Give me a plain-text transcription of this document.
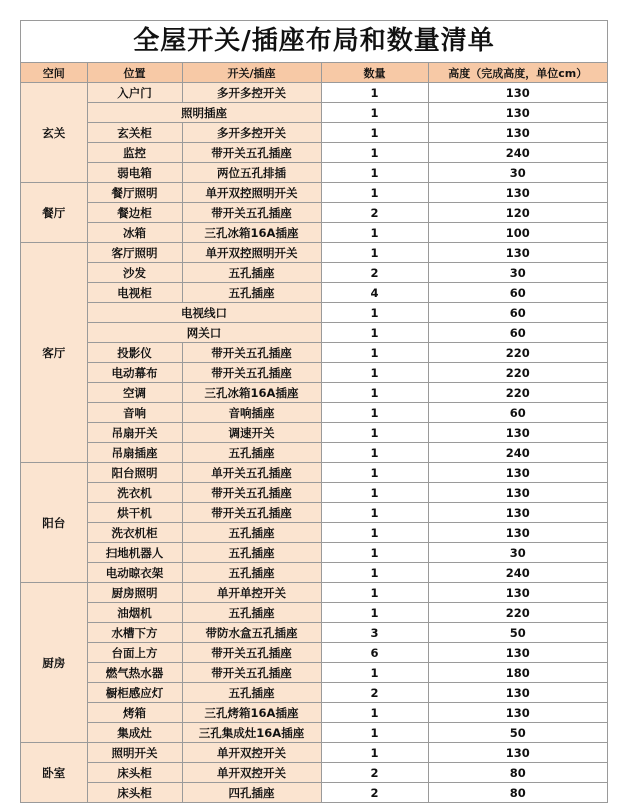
全屋开关/插座布局和数量清单
空间	位置	开关/插座	数量	高度（完成高度，单位cm）
玄关	入户门	多开多控开关	1	130
	照明插座		1	130
	玄关柜	多开多控开关	1	130
	监控	带开关五孔插座	1	240
	弱电箱	两位五孔排插	1	30
餐厅	餐厅照明	单开双控照明开关	1	130
	餐边柜	带开关五孔插座	2	120
	冰箱	三孔冰箱16A插座	1	100
客厅	客厅照明	单开双控照明开关	1	130
	沙发	五孔插座	2	30
	电视柜	五孔插座	4	60
	电视线口		1	60
	网关口		1	60
	投影仪	带开关五孔插座	1	220
	电动幕布	带开关五孔插座	1	220
	空调	三孔冰箱16A插座	1	220
	音响	音响插座	1	60
	吊扇开关	调速开关	1	130
	吊扇插座	五孔插座	1	240
阳台	阳台照明	单开关五孔插座	1	130
	洗衣机	带开关五孔插座	1	130
	烘干机	带开关五孔插座	1	130
	洗衣机柜	五孔插座	1	130
	扫地机器人	五孔插座	1	30
	电动晾衣架	五孔插座	1	240
厨房	厨房照明	单开单控开关	1	130
	油烟机	五孔插座	1	220
	水槽下方	带防水盒五孔插座	3	50
	台面上方	带开关五孔插座	6	130
	燃气热水器	带开关五孔插座	1	180
	橱柜感应灯	五孔插座	2	130
	烤箱	三孔烤箱16A插座	1	130
	集成灶	三孔集成灶16A插座	1	50
卧室	照明开关	单开双控开关	1	130
	床头柜	单开双控开关	2	80
	床头柜	四孔插座	2	80
